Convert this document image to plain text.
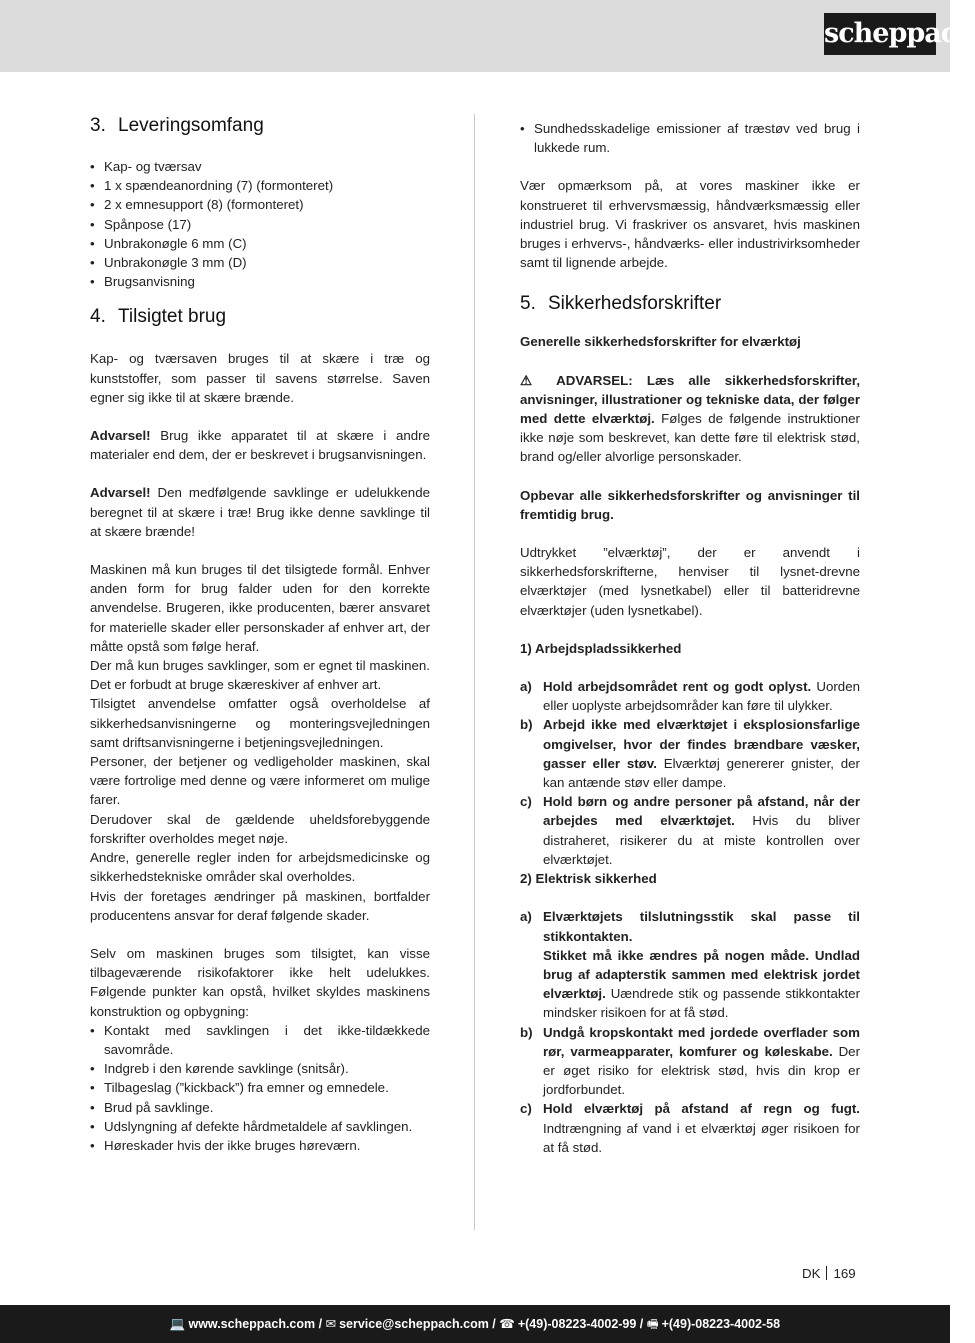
scheppach
3. Leveringsomfang
• Kap- og tværsav
• 1 x spændeanordning (7) (formonteret)
• 2 x emnesupport (8) (formonteret)
• Spånpose (17)
• Unbrakonøgle 6 mm (C)
• Unbrakonøgle 3 mm (D)
• Brugsanvisning
4. Tilsigtet brug

Kap- og tværsaven bruges til at skære i træ og kunststoffer, som passer til savens størrelse. Saven egner sig ikke til at skære brænde.

Advarsel! Brug ikke apparatet til at skære i andre materialer end dem, der er beskrevet i brugsanvisningen.

Advarsel! Den medfølgende savklinge er udelukkende beregnet til at skære i træ! Brug ikke denne savklinge til at skære brænde!

Maskinen må kun bruges til det tilsigtede formål. Enhver anden form for brug falder uden for den korrekte anvendelse. Brugeren, ikke producenten, bærer ansvaret for materielle skader eller personskader af enhver art, der måtte opstå som følge heraf.

Der må kun bruges savklinger, som er egnet til maskinen. Det er forbudt at bruge skæreskiver af enhver art.

Tilsigtet anvendelse omfatter også overholdelse af sikkerhedsanvisningerne og monteringsvejledningen samt driftsanvisningerne i betjeningsvejledningen.

Personer, der betjener og vedligeholder maskinen, skal være fortrolige med denne og være informeret om mulige farer.

Derudover skal de gældende uheldsforebyggende forskrifter overholdes meget nøje.

Andre, generelle regler inden for arbejdsmedicinske og sikkerhedstekniske områder skal overholdes.

Hvis der foretages ændringer på maskinen, bortfalder producentens ansvar for deraf følgende skader.

Selv om maskinen bruges som tilsigtet, kan visse tilbageværende risikofaktorer ikke helt udelukkes. Følgende punkter kan opstå, hvilket skyldes maskinens konstruktion og opbygning:

• Kontakt med savklingen i det ikke-tildækkede savområde.
• Indgreb i den kørende savklinge (snitsår).
• Tilbageslag (”kickback”) fra emner og emnedele.
• Brud på savklinge.
• Udslyngning af defekte hårdmetaldele af savklingen.
• Høreskader hvis der ikke bruges høreværn.
• Sundhedsskadelige emissioner af træstøv ved brug i lukkede rum.

Vær opmærksom på, at vores maskiner ikke er konstrueret til erhvervsmæssig, håndværksmæssig eller industriel brug. Vi fraskriver os ansvaret, hvis maskinen bruges i erhvervs-, håndværks- eller industrivirksomheder samt til lignende arbejde.

5. Sikkerhedsforskrifter

Generelle sikkerhedsforskrifter for elværktøj

⚠ ADVARSEL: Læs alle sikkerhedsforskrifter, anvisninger, illustrationer og tekniske data, der følger med dette elværktøj. Følges de følgende instruktioner ikke nøje som beskrevet, kan dette føre til elektrisk stød, brand og/eller alvorlige personskader.

Opbevar alle sikkerhedsforskrifter og anvisninger til fremtidig brug.

Udtrykket ”elværktøj”, der er anvendt i sikkerhedsforskrifterne, henviser til lysnet-drevne elværktøjer (med lysnetkabel) eller til batteridrevne elværktøjer (uden lysnetkabel).

1) Arbejdspladssikkerhed

a) Hold arbejdsområdet rent og godt oplyst. Uorden eller uoplyste arbejdsområder kan føre til ulykker.
b) Arbejd ikke med elværktøjet i eksplosionsfarlige omgivelser, hvor der findes brændbare væsker, gasser eller støv. Elværktøj genererer gnister, der kan antænde støv eller dampe.
c) Hold børn og andre personer på afstand, når der arbejdes med elværktøjet. Hvis du bliver distraheret, risikerer du at miste kontrollen over elværktøjet.

2) Elektrisk sikkerhed

a) Elværktøjets tilslutningsstik skal passe til stikkontakten.
Stikket må ikke ændres på nogen måde. Undlad brug af adapterstik sammen med elektrisk jordet elværktøj. Uændrede stik og passende stikkontakter mindsker risikoen for at få stød.
b) Undgå kropskontakt med jordede overflader som rør, varmeapparater, komfurer og køleskabe. Der er øget risiko for elektrisk stød, hvis din krop er jordforbundet.
c) Hold elværktøj på afstand af regn og fugt. Indtrængning af vand i et elværktøj øger risikoen for at få stød.
DK 169
💻 www.scheppach.com / ✉ service@scheppach.com / ☎ +(49)-08223-4002-99 / 🖷 +(49)-08223-4002-58
